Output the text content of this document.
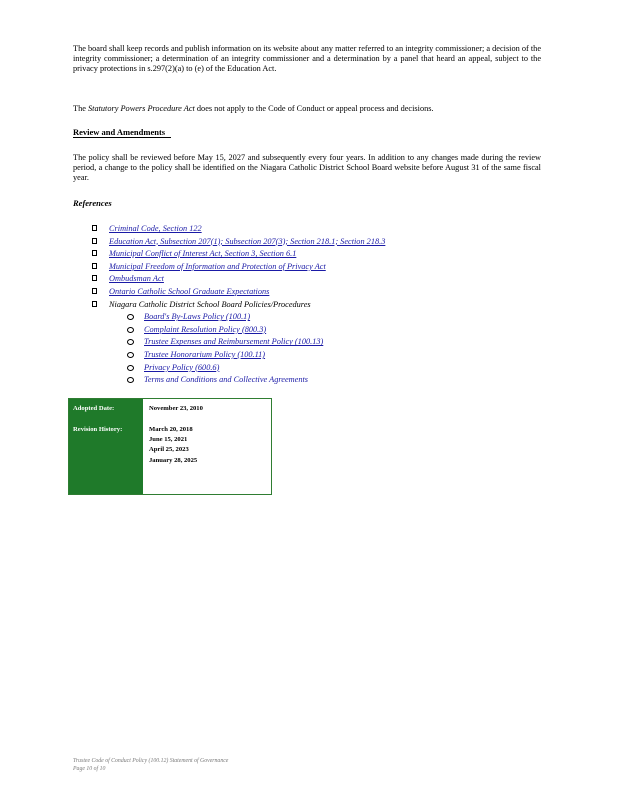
The board shall keep records and publish information on its website about any matter referred to an integrity commissioner; a decision of the integrity commissioner; a determination of an integrity commissioner and a determination by a panel that heard an appeal, subject to the privacy protections in s.297(2)(a) to (e) of the Education Act.
The Statutory Powers Procedure Act does not apply to the Code of Conduct or appeal process and decisions.
Review and Amendments
The policy shall be reviewed before May 15, 2027 and subsequently every four years. In addition to any changes made during the review period, a change to the policy shall be identified on the Niagara Catholic District School Board website before August 31 of the same fiscal year.
References
Criminal Code, Section 122
Education Act, Subsection 207(1); Subsection 207(3); Section 218.1; Section 218.3
Municipal Conflict of Interest Act, Section 3, Section 6.1
Municipal Freedom of Information and Protection of Privacy Act
Ombudsman Act
Ontario Catholic School Graduate Expectations
Niagara Catholic District School Board Policies/Procedures
Board's By-Laws Policy (100.1)
Complaint Resolution Policy (800.3)
Trustee Expenses and Reimbursement Policy (100.13)
Trustee Honorarium Policy (100.11)
Privacy Policy (600.6)
Terms and Conditions and Collective Agreements
Adopted Date:
Revision History:
November 23, 2010
March 20, 2018
June 15, 2021
April 25, 2023
January 28, 2025
Trustee Code of Conduct Policy (100.12) Statement of Governance
Page 10 of 10
